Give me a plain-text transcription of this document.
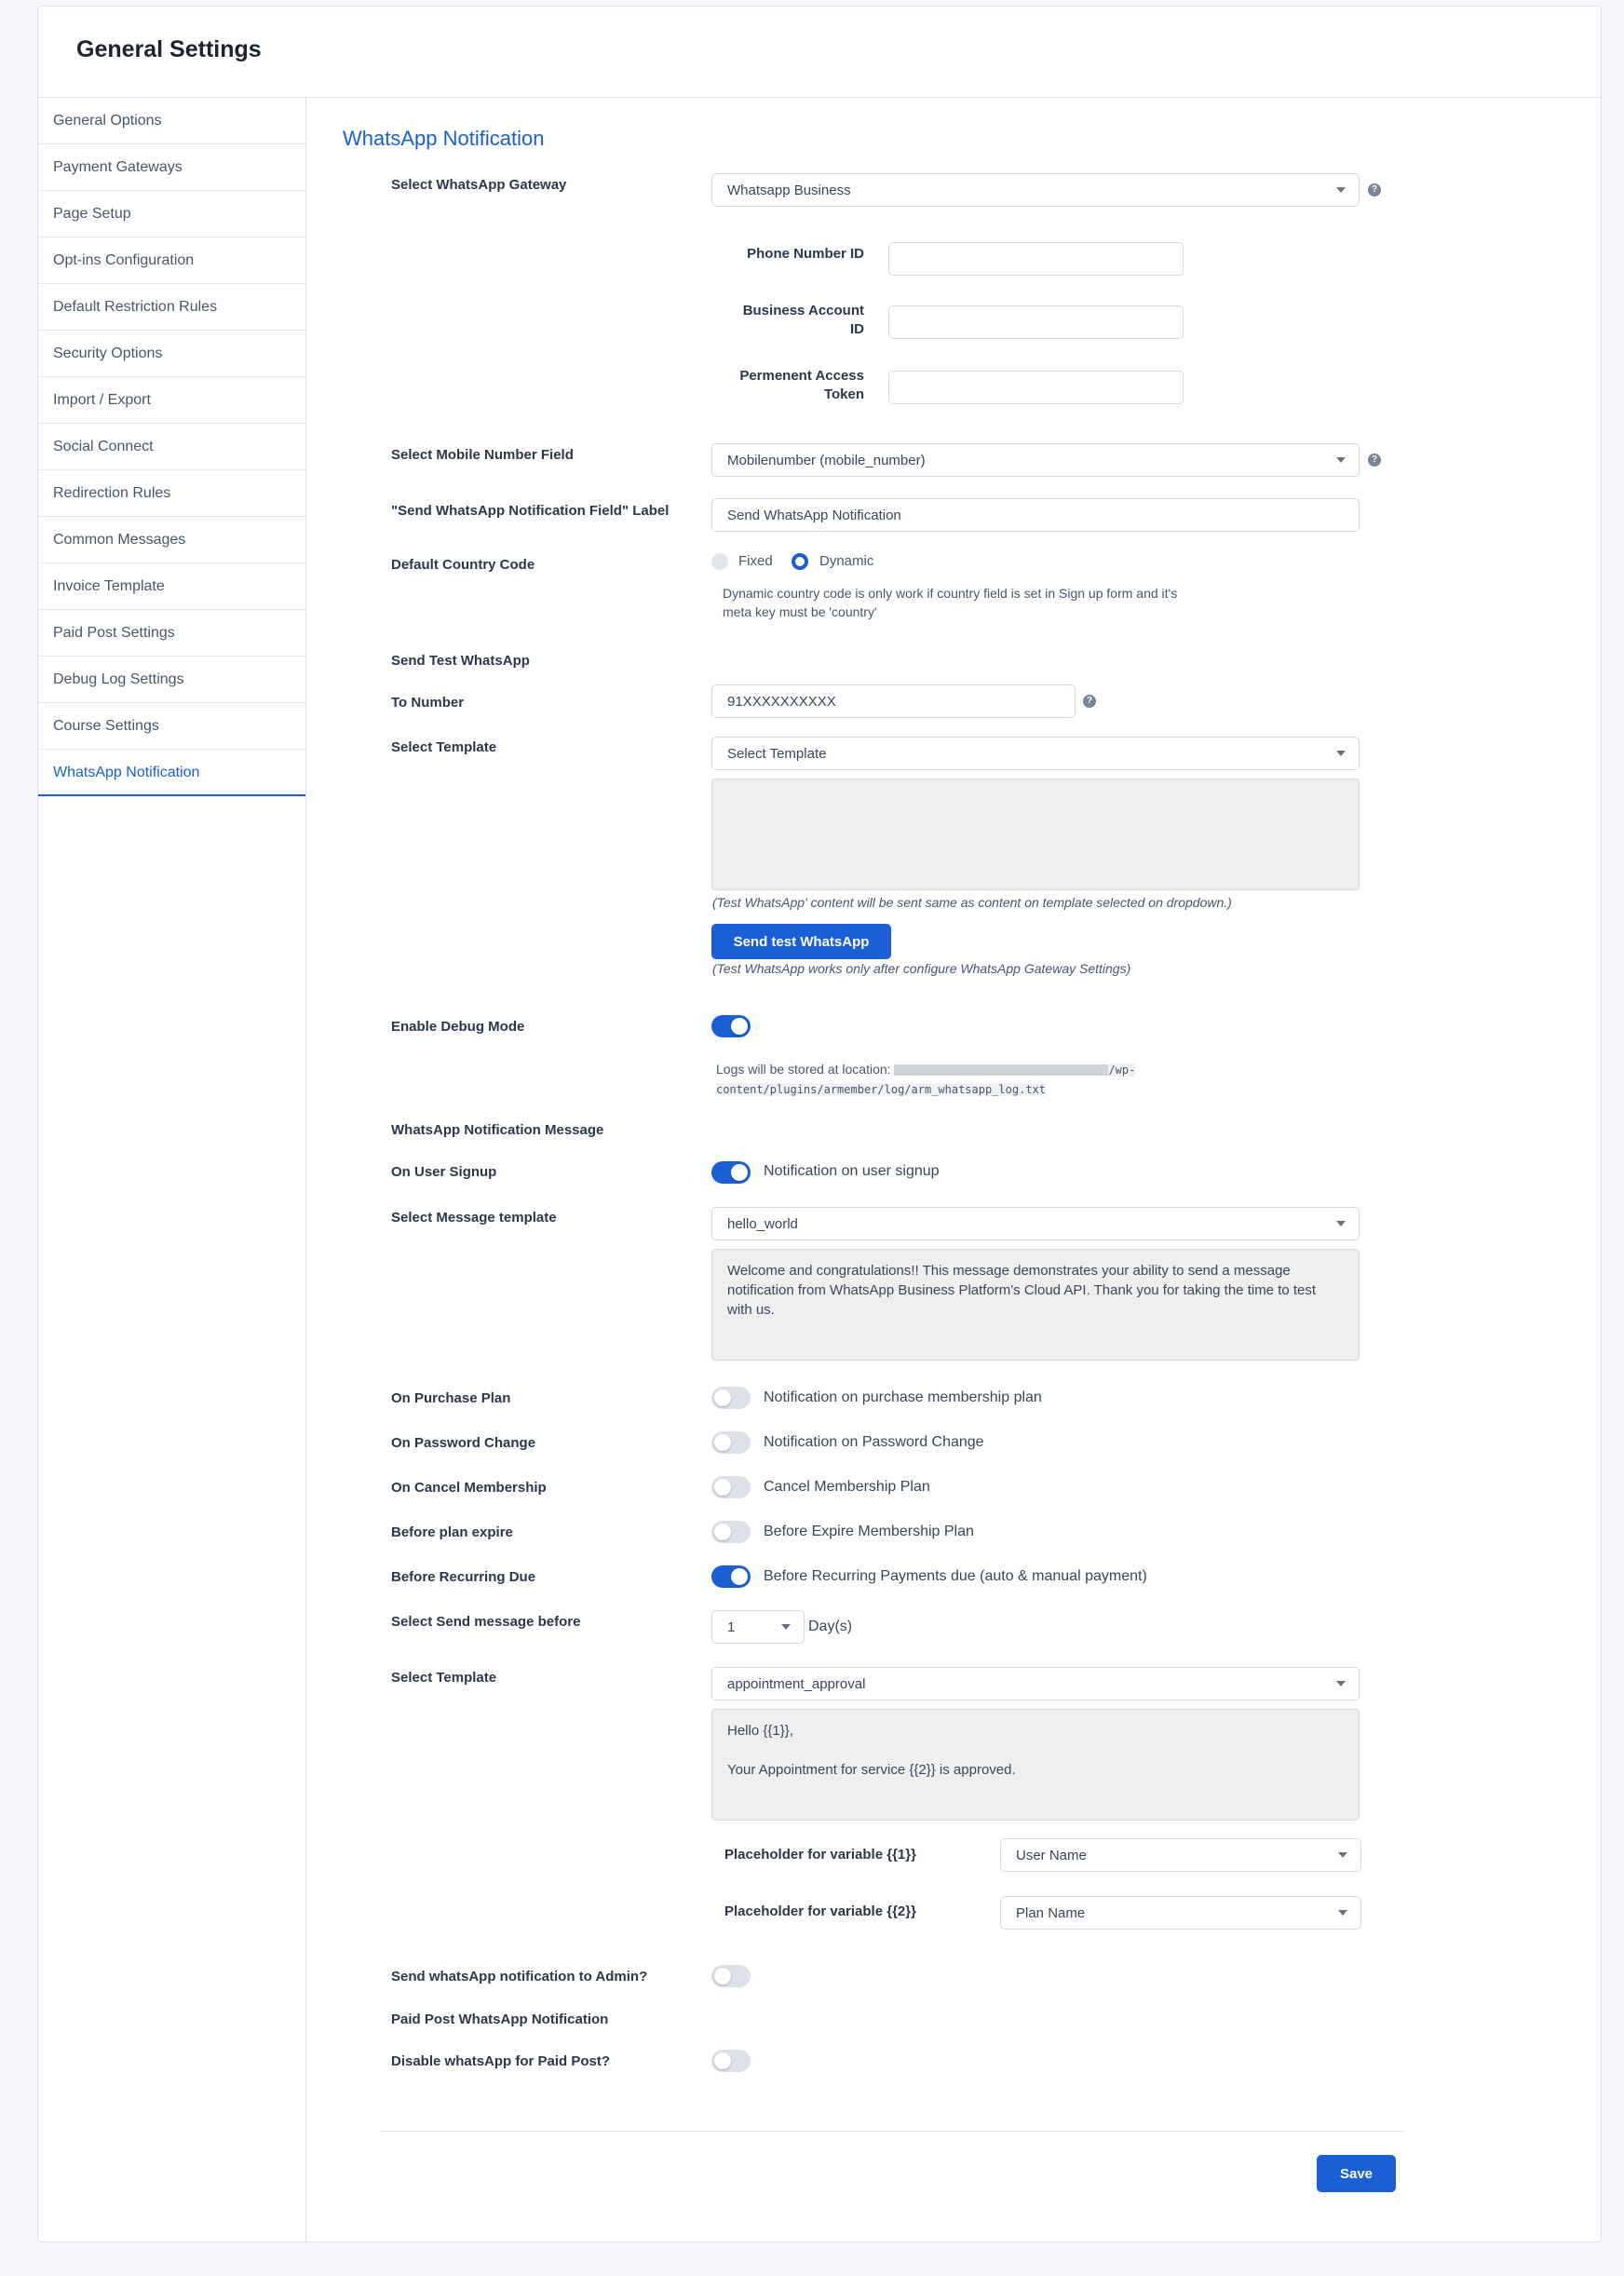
General Settings
General Options
Payment Gateways
Page Setup
Opt-ins Configuration
Default Restriction Rules
Security Options
Import / Export
Social Connect
Redirection Rules
Common Messages
Invoice Template
Paid Post Settings
Debug Log Settings
Course Settings
WhatsApp Notification
WhatsApp Notification
Select WhatsApp Gateway	Whatsapp Business	?
Phone Number ID
Business Account
ID
Permenent Access
Token
Select Mobile Number Field	Mobilenumber (mobile_number)	?
"Send WhatsApp Notification Field" Label	Send WhatsApp Notification
Default Country Code	Fixed	Dynamic
Dynamic country code is only work if country field is set in Sign up form and it's
meta key must be 'country'
Send Test WhatsApp
To Number	91XXXXXXXXXX	?
Select Template	Select Template
(Test WhatsApp' content will be sent same as content on template selected on dropdown.)
Send test WhatsApp
(Test WhatsApp works only after configure WhatsApp Gateway Settings)
Enable Debug Mode
Logs will be stored at location:	/wp-
content/plugins/armember/log/arm_whatsapp_log.txt
WhatsApp Notification Message
On User Signup	Notification on user signup
Select Message template	hello_world
Welcome and congratulations!! This message demonstrates your ability to send a message
notification from WhatsApp Business Platform's Cloud API. Thank you for taking the time to test
with us.
On Purchase Plan	Notification on purchase membership plan
On Password Change	Notification on Password Change
On Cancel Membership	Cancel Membership Plan
Before plan expire	Before Expire Membership Plan
Before Recurring Due	Before Recurring Payments due (auto & manual payment)
Select Send message before	1	Day(s)
Select Template	appointment_approval
Hello {{1}},
Your Appointment for service {{2}} is approved.
Placeholder for variable {{1}}	User Name
Placeholder for variable {{2}}	Plan Name
Send whatsApp notification to Admin?
Paid Post WhatsApp Notification
Disable whatsApp for Paid Post?
Save
